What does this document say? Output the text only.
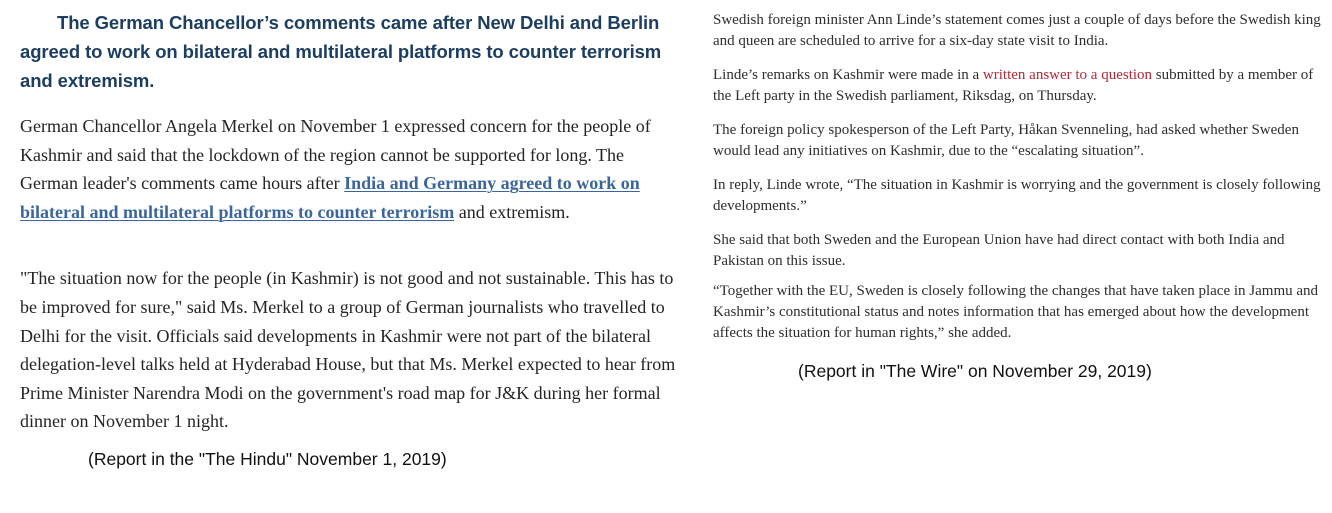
The German Chancellor’s comments came after New Delhi and Berlin agreed to work on bilateral and multilateral platforms to counter terrorism and extremism.

German Chancellor Angela Merkel on November 1 expressed concern for the people of Kashmir and said that the lockdown of the region cannot be supported for long. The German leader's comments came hours after India and Germany agreed to work on bilateral and multilateral platforms to counter terrorism and extremism.

"The situation now for the people (in Kashmir) is not good and not sustainable. This has to be improved for sure," said Ms. Merkel to a group of German journalists who travelled to Delhi for the visit. Officials said developments in Kashmir were not part of the bilateral delegation-level talks held at Hyderabad House, but that Ms. Merkel expected to hear from Prime Minister Narendra Modi on the government's road map for J&K during her formal dinner on November 1 night.

(Report in the "The Hindu" November 1, 2019)

Swedish foreign minister Ann Linde’s statement comes just a couple of days before the Swedish king and queen are scheduled to arrive for a six-day state visit to India.

Linde’s remarks on Kashmir were made in a written answer to a question submitted by a member of the Left party in the Swedish parliament, Riksdag, on Thursday.

The foreign policy spokesperson of the Left Party, Håkan Svenneling, had asked whether Sweden would lead any initiatives on Kashmir, due to the “escalating situation”.

In reply, Linde wrote, “The situation in Kashmir is worrying and the government is closely following developments.”

She said that both Sweden and the European Union have had direct contact with both India and Pakistan on this issue.

“Together with the EU, Sweden is closely following the changes that have taken place in Jammu and Kashmir’s constitutional status and notes information that has emerged about how the development affects the situation for human rights,” she added.

(Report in "The Wire" on November 29, 2019)
